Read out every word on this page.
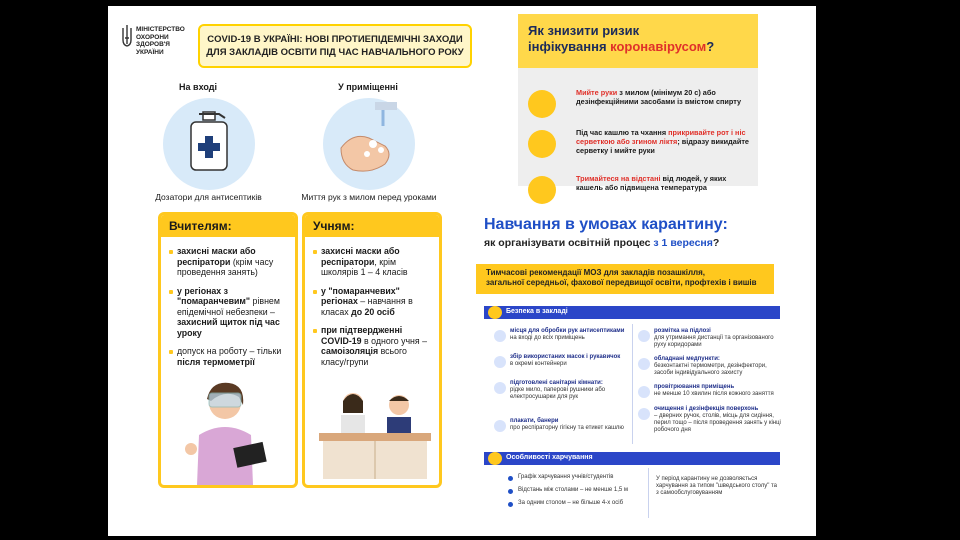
МІНІСТЕРСТВО ОХОРОНИ ЗДОРОВ'Я УКРАЇНИ
COVID-19 В УКРАЇНІ: НОВІ ПРОТИЕПІДЕМІЧНІ ЗАХОДИ
ДЛЯ ЗАКЛАДІВ ОСВІТИ ПІД ЧАС НАВЧАЛЬНОГО РОКУ
На вході
Дозатори для антисептиків
У приміщенні
Миття рук з милом перед уроками
Вчителям:
захисні маски або респіратори (крім часу проведення занять)
у регіонах з "помаранчевим" рівнем епідемічної небезпеки – захисний щиток під час уроку
допуск на роботу – тільки після термометрії
Учням:
захисні маски або респіратори, крім школярів 1 – 4 класів
у "помаранчевих" регіонах – навчання в класах до 20 осіб
при підтвердженні COVID-19 в одного учня – самоізоляція всього класу/групи
Як знизити ризик
інфікування коронавірусом?
Мийте руки з милом (мінімум 20 с) або дезінфекційними засобами із вмістом спирту
Під час кашлю та чхання прикривайте рот і ніс серветкою або згином ліктя; відразу викидайте серветку і мийте руки
Тримайтеся на відстані від людей, у яких кашель або підвищена температура
Навчання в умовах карантину:
як організувати освітній процес з 1 вересня?
Тимчасові рекомендації МОЗ для закладів позашкілля,
загальної середньої, фахової передвищої освіти, профтехів і вишів
Безпека в закладі
місця для обробки рук антисептиками
на вході до всіх приміщень
збір використаних масок і рукавичок
в окремі контейнери
підготовлені санітарні кімнати:
рідке мило, паперові рушники або електросушарки для рук
плакати, банери
про респіраторну гігієну та етикет кашлю
розмітка на підлозі
для утримання дистанції та організованого руху коридорами
обладнані медпункти:
безконтактні термометри, дезінфектори, засоби індивідуального захисту
провітрювання приміщень
не менше 10 хвилин після кожного заняття
очищення і дезінфекція поверхонь
– дверних ручок, столів, місць для сидіння, перил тощо – після проведення занять у кінці робочого дня
Особливості харчування
Графік харчування учнів/студентів
Відстань між столами – не менше 1,5 м
За одним столом – не більше 4-х осіб
У період карантину не дозволяється харчування за типом "шведського столу" та з самообслуговуванням
